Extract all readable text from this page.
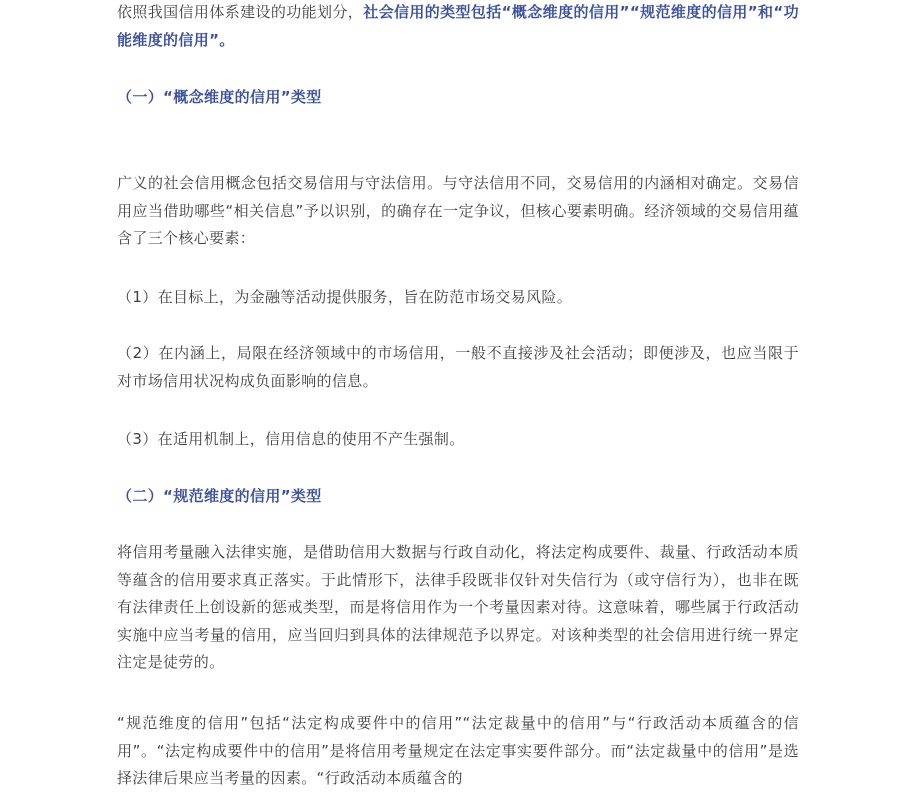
依照我国信用体系建设的功能划分，社会信用的类型包括“概念维度的信用”“规范维度的信用”和“功能维度的信用”。

（一）“概念维度的信用”类型

广义的社会信用概念包括交易信用与守法信用。与守法信用不同，交易信用的内涵相对确定。交易信用应当借助哪些“相关信息”予以识别，的确存在一定争议，但核心要素明确。经济领域的交易信用蕴含了三个核心要素：

（1）在目标上，为金融等活动提供服务，旨在防范市场交易风险。

（2）在内涵上，局限在经济领域中的市场信用，一般不直接涉及社会活动；即便涉及，也应当限于对市场信用状况构成负面影响的信息。

（3）在适用机制上，信用信息的使用不产生强制。

（二）“规范维度的信用”类型

将信用考量融入法律实施，是借助信用大数据与行政自动化，将法定构成要件、裁量、行政活动本质等蕴含的信用要求真正落实。于此情形下，法律手段既非仅针对失信行为（或守信行为），也非在既有法律责任上创设新的惩戒类型，而是将信用作为一个考量因素对待。这意味着，哪些属于行政活动实施中应当考量的信用，应当回归到具体的法律规范予以界定。对该种类型的社会信用进行统一界定注定是徒劳的。

“规范维度的信用”包括“法定构成要件中的信用”“法定裁量中的信用”与“行政活动本质蕴含的信用”。“法定构成要件中的信用”是将信用考量规定在法定事实要件部分。而“法定裁量中的信用”是选择法律后果应当考量的因素。“行政活动本质蕴含的
